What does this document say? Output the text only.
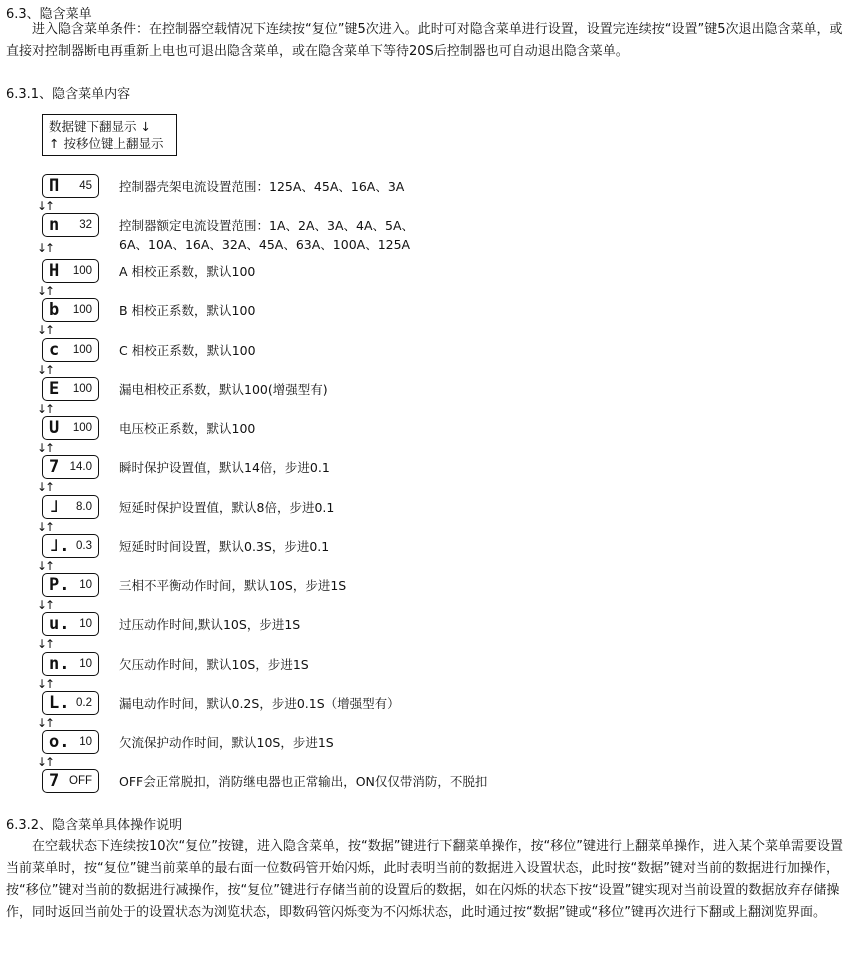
6.3、隐含菜单
进入隐含菜单条件：在控制器空载情况下连续按“复位”键5次进入。此时可对隐含菜单进行设置，设置完连续按“设置”键5次退出隐含菜单，或直接对控制器断电再重新上电也可退出隐含菜单，或在隐含菜单下等待20S后控制器也可自动退出隐含菜单。
6.3.1、隐含菜单内容
数据键下翻显示 ↓
↑ 按移位键上翻显示
Π 45 控制器壳架电流设置范围：125A、45A、16A、3A
↓
↑
n 32 控制器额定电流设置范围：1A、2A、3A、4A、5A、
6A、10A、16A、32A、45A、63A、100A、125A
↓
↑
H 100 A 相校正系数，默认100
↓
↑
b 100 B 相校正系数，默认100
↓
↑
c 100 C 相校正系数，默认100
↓
↑
E 100 漏电相校正系数，默认100(增强型有)
↓
↑
U 100 电压校正系数，默认100
↓
↑
7 14.0 瞬时保护设置值，默认14倍，步进0.1
↓
↑
˩ 8.0 短延时保护设置值，默认8倍，步进0.1
↓
↑
˩. 0.3 短延时时间设置，默认0.3S，步进0.1
↓
↑
P. 10 三相不平衡动作时间，默认10S，步进1S
↓
↑
u. 10 过压动作时间,默认10S，步进1S
↓
↑
n. 10 欠压动作时间，默认10S，步进1S
↓
↑
L. 0.2 漏电动作时间，默认0.2S，步进0.1S（增强型有）
↓
↑
o. 10 欠流保护动作时间，默认10S，步进1S
↓
↑
7 OFF OFF会正常脱扣，消防继电器也正常输出，ON仅仅带消防，不脱扣
6.3.2、隐含菜单具体操作说明
在空载状态下连续按10次“复位”按键，进入隐含菜单，按“数据”键进行下翻菜单操作，按“移位”键进行上翻菜单操作，进入某个菜单需要设置当前菜单时，按“复位”键当前菜单的最右面一位数码管开始闪烁，此时表明当前的数据进入设置状态，此时按“数据”键对当前的数据进行加操作，按“移位”键对当前的数据进行减操作，按“复位”键进行存储当前的设置后的数据，如在闪烁的状态下按“设置”键实现对当前设置的数据放弃存储操作，同时返回当前处于的设置状态为浏览状态，即数码管闪烁变为不闪烁状态，此时通过按“数据”键或“移位”键再次进行下翻或上翻浏览界面。
